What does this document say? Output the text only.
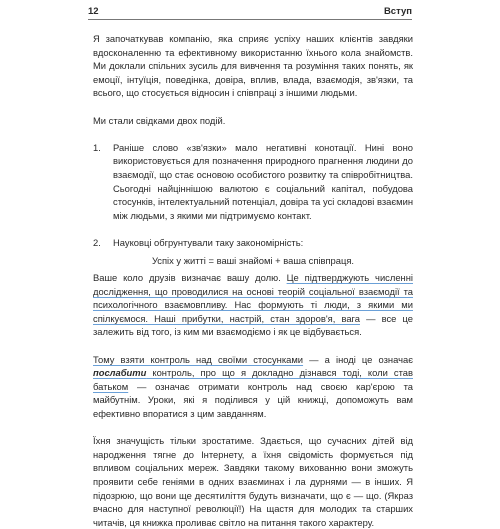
12	Вступ

Я започаткував компанію, яка сприяє успіху наших клієнтів завдяки вдосконаленню та ефективному використанню їхнього кола знайомств. Ми доклали спільних зусиль для вивчення та розуміння таких понять, як емоції, інтуїція, поведінка, довіра, вплив, влада, взаємодія, зв'язки, та всього, що стосується відносин і співпраці з іншими людьми.

Ми стали свідками двох подій.

1.	Раніше слово «зв'язки» мало негативні конотації. Нині воно використовується для позначення природного прагнення людини до взаємодії, що стає основою особистого розвитку та співробітництва. Сьогодні найціннішою валютою є соціальний капітал, побудова стосунків, інтелектуальний потенціал, довіра та усі складові взаємин між людьми, з якими ми підтримуємо контакт.
2.	Науковці обгрунтували таку закономірність:

Успіх у житті = ваші знайомі + ваша співпраця.

Ваше коло друзів визначає вашу долю. Це підтверджують численні дослідження, що проводилися на основі теорій соціальної взаємодії та психологічного взаємовпливу. Нас формують ті люди, з якими ми спілкуємося. Наші прибутки, настрій, стан здоров'я, вага — все це залежить від того, із ким ми взаємодіємо і як це відбувається.

Тому взяти контроль над своїми стосунками — а іноді це означає послабити контроль, про що я докладно дізнався тоді, коли став батьком — означає отримати контроль над своєю кар'єрою та майбутнім. Уроки, які я поділився у цій книжці, допоможуть вам ефективно впоратися з цим завданням.

Їхня значущість тільки зростатиме. Здається, що сучасних дітей від народження тягне до Інтернету, а їхня свідомість формується під впливом соціальних мереж. Завдяки такому вихованню вони зможуть проявити себе геніями в одних взаєминах і ла дурнями — в інших. Я підозрюю, що вони ще десятиліття будуть визначати, що є — що. (Якраз вчасно для наступної революції!) На щастя для молодих та старших читачів, ця книжка проливає світло на питання такого характеру.
